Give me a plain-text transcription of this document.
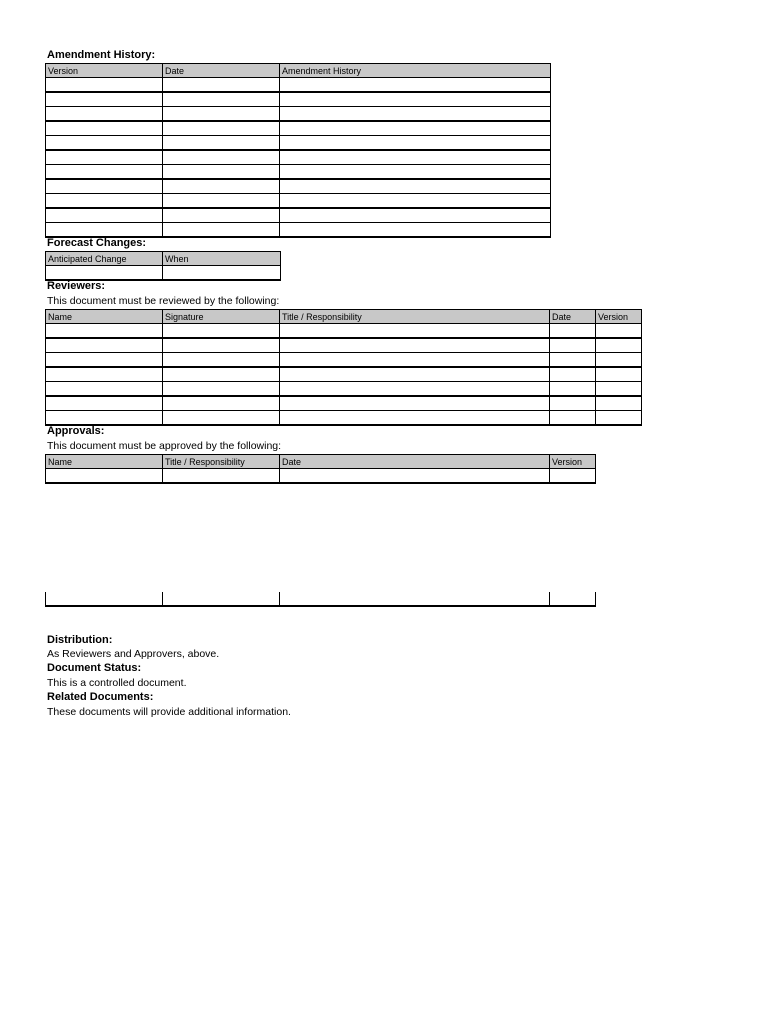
Amendment History:
Version	Date	Amendment History

Forecast Changes:
Anticipated Change	When

Reviewers:
This document must be reviewed by the following:
Name	Signature	Title / Responsibility	Date	Version

Approvals:
This document must be approved by the following:
Name	Title / Responsibility	Date	Version

Distribution:
As Reviewers and Approvers, above.
Document Status:
This is a controlled document.
Related Documents:
These documents will provide additional information.
